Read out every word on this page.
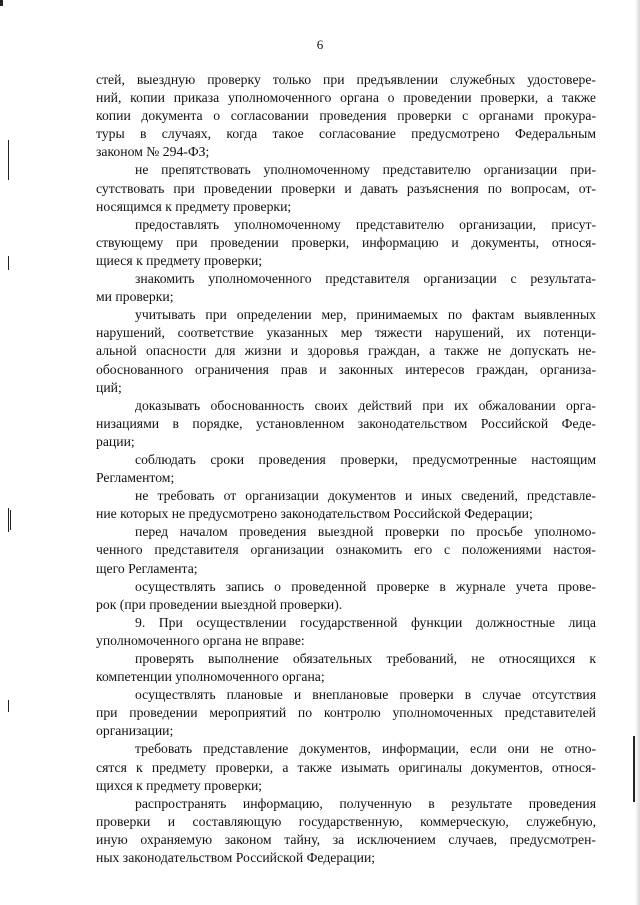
6
стей, выездную проверку только при предъявлении служебных удостовере-
ний, копии приказа уполномоченного органа о проведении проверки, а также
копии документа о согласовании проведения проверки с органами прокура-
туры в случаях, когда такое согласование предусмотрено Федеральным
законом № 294-ФЗ;
не препятствовать уполномоченному представителю организации при-
сутствовать при проведении проверки и давать разъяснения по вопросам, от-
носящимся к предмету проверки;
предоставлять уполномоченному представителю организации, присут-
ствующему при проведении проверки, информацию и документы, относя-
щиеся к предмету проверки;
знакомить уполномоченного представителя организации с результата-
ми проверки;
учитывать при определении мер, принимаемых по фактам выявленных
нарушений, соответствие указанных мер тяжести нарушений, их потенци-
альной опасности для жизни и здоровья граждан, а также не допускать не-
обоснованного ограничения прав и законных интересов граждан, организа-
ций;
доказывать обоснованность своих действий при их обжаловании орга-
низациями в порядке, установленном законодательством Российской Феде-
рации;
соблюдать сроки проведения проверки, предусмотренные настоящим
Регламентом;
не требовать от организации документов и иных сведений, представле-
ние которых не предусмотрено законодательством Российской Федерации;
перед началом проведения выездной проверки по просьбе уполномо-
ченного представителя организации ознакомить его с положениями настоя-
щего Регламента;
осуществлять запись о проведенной проверке в журнале учета прове-
рок (при проведении выездной проверки).
9. При осуществлении государственной функции должностные лица
уполномоченного органа не вправе:
проверять выполнение обязательных требований, не относящихся к
компетенции уполномоченного органа;
осуществлять плановые и внеплановые проверки в случае отсутствия
при проведении мероприятий по контролю уполномоченных представителей
организации;
требовать представление документов, информации, если они не отно-
сятся к предмету проверки, а также изымать оригиналы документов, относя-
щихся к предмету проверки;
распространять информацию, полученную в результате проведения
проверки и составляющую государственную, коммерческую, служебную,
иную охраняемую законом тайну, за исключением случаев, предусмотрен-
ных законодательством Российской Федерации;
